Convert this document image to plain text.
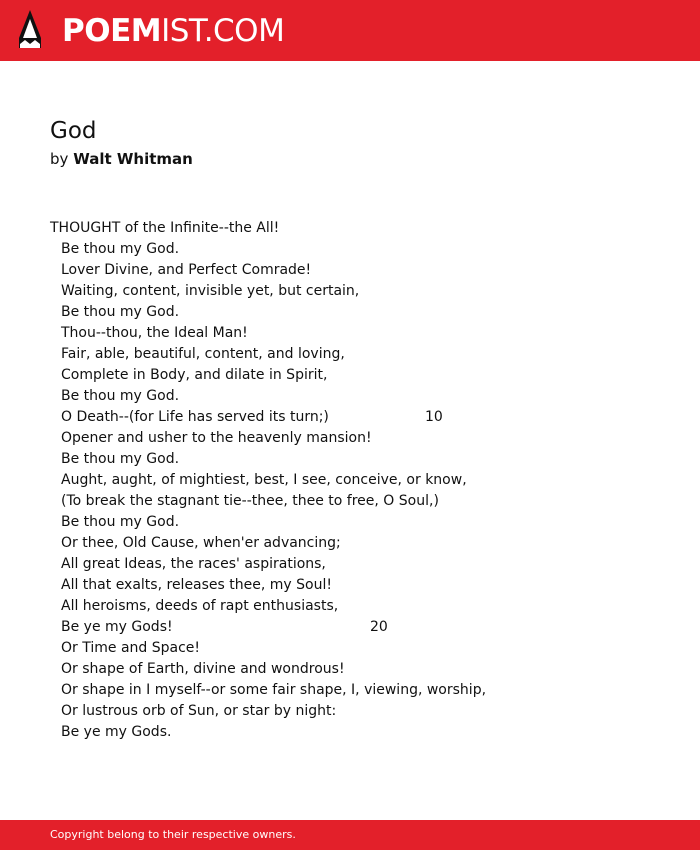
POEMIST.COM
God
by Walt Whitman
THOUGHT of the Infinite--the All!
Be thou my God.
Lover Divine, and Perfect Comrade!
Waiting, content, invisible yet, but certain,
Be thou my God.
Thou--thou, the Ideal Man!
Fair, able, beautiful, content, and loving,
Complete in Body, and dilate in Spirit,
Be thou my God.
O Death--(for Life has served its turn;)	10
Opener and usher to the heavenly mansion!
Be thou my God.
Aught, aught, of mightiest, best, I see, conceive, or know,
(To break the stagnant tie--thee, thee to free, O Soul,)
Be thou my God.
Or thee, Old Cause, when'er advancing;
All great Ideas, the races' aspirations,
All that exalts, releases thee, my Soul!
All heroisms, deeds of rapt enthusiasts,
Be ye my Gods!	20
Or Time and Space!
Or shape of Earth, divine and wondrous!
Or shape in I myself--or some fair shape, I, viewing, worship,
Or lustrous orb of Sun, or star by night:
Be ye my Gods.
Copyright belong to their respective owners.
